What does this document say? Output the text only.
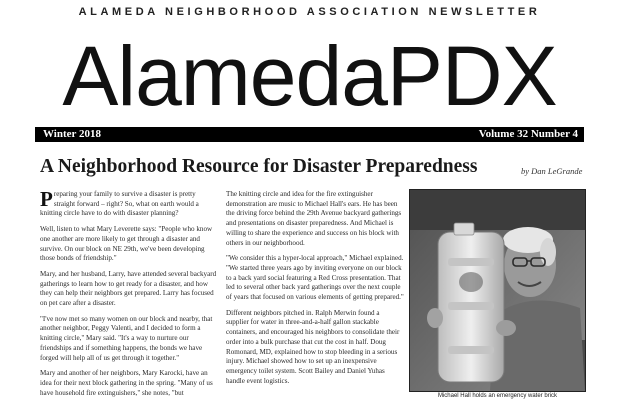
ALAMEDA NEIGHBORHOOD ASSOCIATION NEWSLETTER
AlamedaPDX
Winter 2018	Volume 32 Number 4
A Neighborhood Resource for Disaster Preparedness	by Dan LeGrande

Preparing your family to survive a disaster is pretty straight forward – right? So, what on earth would a knitting circle have to do with disaster planning?

Well, listen to what Mary Leverette says: "People who know one another are more likely to get through a disaster and survive. On our block on NE 29th, we've been developing those bonds of friendship."

Mary, and her husband, Larry, have attended several backyard gatherings to learn how to get ready for a disaster, and how they can help their neighbors get prepared. Larry has focused on pet care after a disaster.

"I've now met so many women on our block and nearby, that another neighbor, Peggy Valenti, and I decided to form a knitting circle," Mary said. "It's a way to nurture our friendships and if something happens, the bonds we have forged will help all of us get through it together."

Mary and another of her neighbors, Mary Karocki, have an idea for their next block gathering in the spring. "Many of us have household fire extinguishers," she notes, "but

The knitting circle and idea for the fire extinguisher demonstration are music to Michael Hall's ears. He has been the driving force behind the 29th Avenue backyard gatherings and presentations on disaster preparedness. And Michael is willing to share the experience and success on his block with others in our neighborhood.

"We consider this a hyper-local approach," Michael explained. "We started three years ago by inviting everyone on our block to a back yard social featuring a Red Cross presentation. That led to several other back yard gatherings over the next couple of years that focused on various elements of getting prepared."

Different neighbors pitched in. Ralph Merwin found a supplier for water in three-and-a-half gallon stackable containers, and encouraged his neighbors to consolidate their order into a bulk purchase that cut the cost in half. Doug Romonard, MD, explained how to stop bleeding in a serious injury. Michael showed how to set up an inexpensive emergency toilet system. Scott Bailey and Daniel Yuhas handle event logistics.

Michael Hall holds an emergency water brick
